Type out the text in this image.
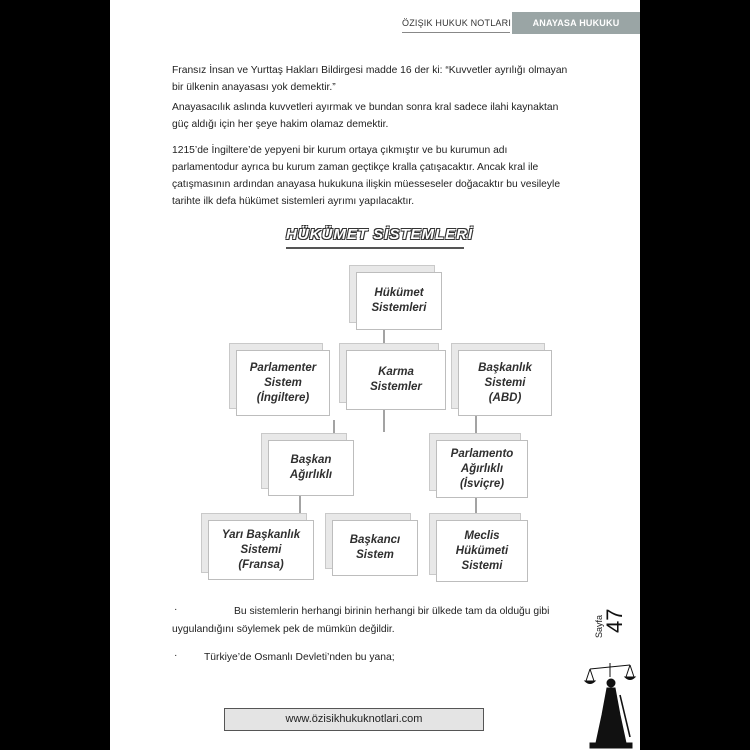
ÖZIŞIK HUKUK NOTLARI	ANAYASA HUKUKU

Fransız İnsan ve Yurttaş Hakları Bildirgesi madde 16 der ki: “Kuvvetler ayrılığı olmayan bir ülkenin anayasası yok demektir.”

Anayasacılık aslında kuvvetleri ayırmak ve bundan sonra kral sadece ilahi kaynaktan güç aldığı için her şeye hakim olamaz demektir.

1215’de İngiltere’de yepyeni bir kurum ortaya çıkmıştır ve bu kurumun adı parlamentodur ayrıca bu kurum zaman geçtikçe kralla çatışacaktır. Ancak kral ile çatışmasının ardından anayasa hukukuna ilişkin müesseseler doğacaktır bu vesileyle tarihte ilk defa hükümet sistemleri ayrımı yapılacaktır.

HÜKÜMET SİSTEMLERİ
Hükümet
Sistemleri
Parlamenter
Sistem
(İngiltere)
Karma
Sistemler
Başkanlık
Sistemi
(ABD)
Başkan
Ağırlıklı
Parlamento
Ağırlıklı
(İsviçre)
Yarı Başkanlık
Sistemi
(Fransa)
Başkancı
Sistem
Meclis
Hükümeti
Sistemi
·	Bu sistemlerin herhangi birinin herhangi bir ülkede tam da olduğu gibi
uygulandığını söylemek pek de mümkün değildir.
·	Türkiye’de Osmanlı Devleti’nden bu yana;
Sayfa
47
www.özisikhukuknotlari.com
